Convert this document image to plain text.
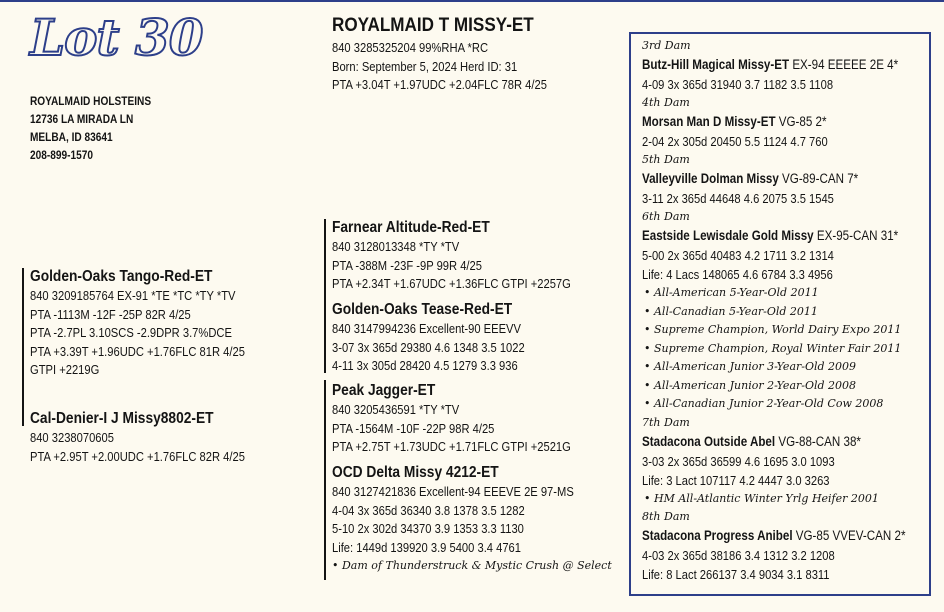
Lot 30
ROYALMAID HOLSTEINS
12736 LA MIRADA LN
MELBA, ID 83641
208-899-1570
ROYALMAID T MISSY-ET
840 3285325204 99%RHA *RC
Born: September 5, 2024 Herd ID: 31
PTA +3.04T +1.97UDC +2.04FLC 78R 4/25
Golden-Oaks Tango-Red-ET
840 3209185764 EX-91 *TE *TC *TY *TV
PTA -1113M -12F -25P 82R 4/25
PTA -2.7PL 3.10SCS -2.9DPR 3.7%DCE
PTA +3.39T +1.96UDC +1.76FLC 81R 4/25
GTPI +2219G
Cal-Denier-I J Missy8802-ET
840 3238070605
PTA +2.95T +2.00UDC +1.76FLC 82R 4/25
Farnear Altitude-Red-ET
840 3128013348 *TY *TV
PTA -388M -23F -9P 99R 4/25
PTA +2.34T +1.67UDC +1.36FLC GTPI +2257G
Golden-Oaks Tease-Red-ET
840 3147994236 Excellent-90 EEEVV
3-07 3x 365d 29380 4.6 1348 3.5 1022
4-11 3x 305d 28420 4.5 1279 3.3 936
Peak Jagger-ET
840 3205436591 *TY *TV
PTA -1564M -10F -22P 98R 4/25
PTA +2.75T +1.73UDC +1.71FLC GTPI +2521G
OCD Delta Missy 4212-ET
840 3127421836 Excellent-94 EEEVE 2E 97-MS
4-04 3x 365d 36340 3.8 1378 3.5 1282
5-10 2x 302d 34370 3.9 1353 3.3 1130
Life: 1449d 139920 3.9 5400 3.4 4761
• Dam of Thunderstruck & Mystic Crush @ Select
3rd Dam
Butz-Hill Magical Missy-ET EX-94 EEEEE 2E 4*
4-09 3x 365d 31940 3.7 1182 3.5 1108
4th Dam
Morsan Man D Missy-ET VG-85 2*
2-04 2x 305d 20450 5.5 1124 4.7 760
5th Dam
Valleyville Dolman Missy VG-89-CAN 7*
3-11 2x 365d 44648 4.6 2075 3.5 1545
6th Dam
Eastside Lewisdale Gold Missy EX-95-CAN 31*
5-00 2x 365d 40483 4.2 1711 3.2 1314
Life: 4 Lacs 148065 4.6 6784 3.3 4956
• All-American 5-Year-Old 2011
• All-Canadian 5-Year-Old 2011
• Supreme Champion, World Dairy Expo 2011
• Supreme Champion, Royal Winter Fair 2011
• All-American Junior 3-Year-Old 2009
• All-American Junior 2-Year-Old 2008
• All-Canadian Junior 2-Year-Old Cow 2008
7th Dam
Stadacona Outside Abel VG-88-CAN 38*
3-03 2x 365d 36599 4.6 1695 3.0 1093
Life: 3 Lact 107117 4.2 4447 3.0 3263
• HM All-Atlantic Winter Yrlg Heifer 2001
8th Dam
Stadacona Progress Anibel VG-85 VVEV-CAN 2*
4-03 2x 365d 38186 3.4 1312 3.2 1208
Life: 8 Lact 266137 3.4 9034 3.1 8311
